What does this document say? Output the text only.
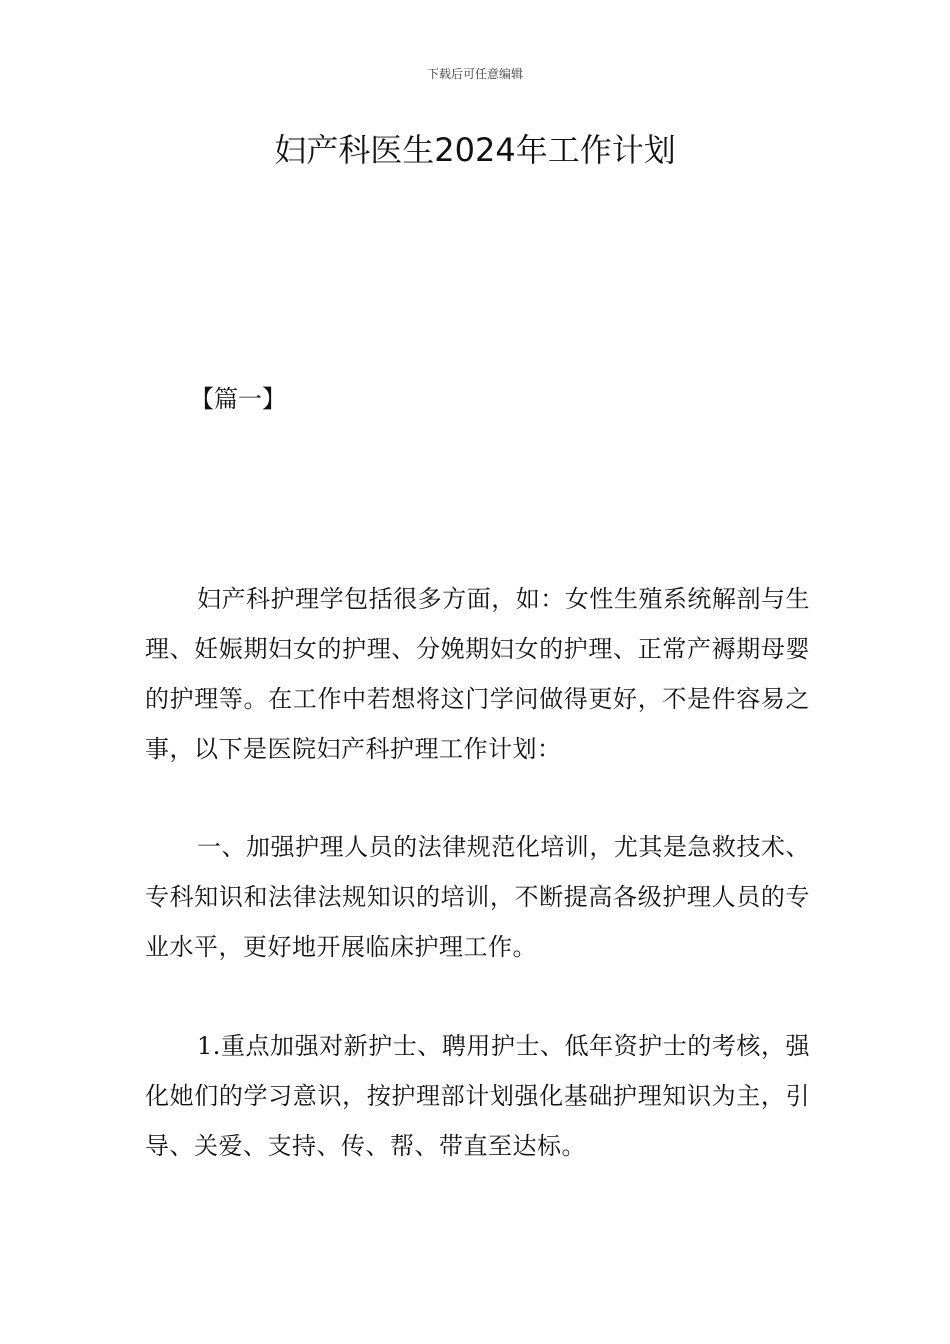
下载后可任意编辑
妇产科医生2024年工作计划
【篇一】

妇产科护理学包括很多方面，如：女性生殖系统解剖与生理、妊娠期妇女的护理、分娩期妇女的护理、正常产褥期母婴的护理等。在工作中若想将这门学问做得更好，不是件容易之事，以下是医院妇产科护理工作计划：

一、加强护理人员的法律规范化培训，尤其是急救技术、专科知识和法律法规知识的培训，不断提高各级护理人员的专业水平，更好地开展临床护理工作。

1.重点加强对新护士、聘用护士、低年资护士的考核，强化她们的学习意识，按护理部计划强化基础护理知识为主，引导、关爱、支持、传、帮、带直至达标。
